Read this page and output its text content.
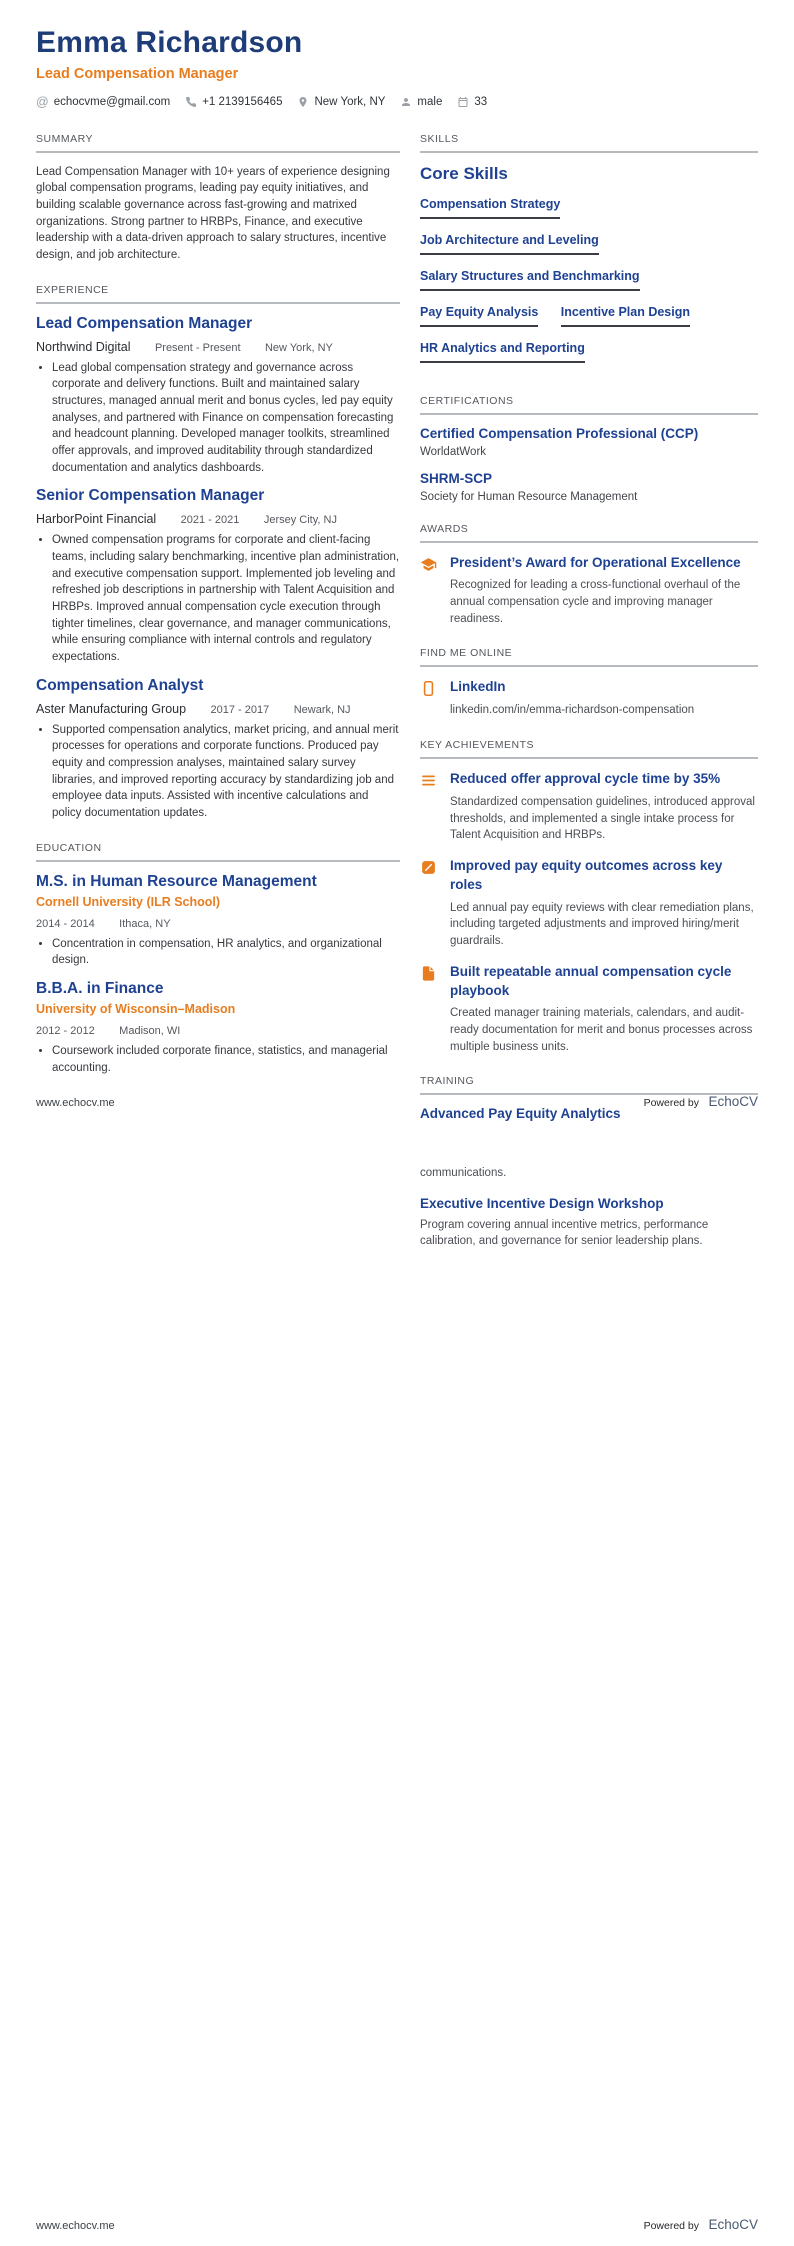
Emma Richardson
Lead Compensation Manager
@ echocvme@gmail.com	+1 2139156465	New York, NY	male	33
SUMMARY

Lead Compensation Manager with 10+ years of experience designing global compensation programs, leading pay equity initiatives, and building scalable governance across fast-growing and matrixed organizations. Strong partner to HRBPs, Finance, and executive leadership with a data-driven approach to salary structures, incentive design, and job architecture.

EXPERIENCE
Lead Compensation Manager
Northwind Digital Present - Present New York, NY
• Lead global compensation strategy and governance across corporate and delivery functions. Built and maintained salary structures, managed annual merit and bonus cycles, led pay equity analyses, and partnered with Finance on compensation forecasting and headcount planning. Developed manager toolkits, streamlined offer approvals, and improved auditability through standardized documentation and analytics dashboards.
Senior Compensation Manager
HarborPoint Financial 2021 - 2021 Jersey City, NJ
• Owned compensation programs for corporate and client-facing teams, including salary benchmarking, incentive plan administration, and executive compensation support. Implemented job leveling and refreshed job descriptions in partnership with Talent Acquisition and HRBPs. Improved annual compensation cycle execution through tighter timelines, clear governance, and manager communications, while ensuring compliance with internal controls and regulatory expectations.
Compensation Analyst
Aster Manufacturing Group 2017 - 2017 Newark, NJ
• Supported compensation analytics, market pricing, and annual merit processes for operations and corporate functions. Produced pay equity and compression analyses, maintained salary survey libraries, and improved reporting accuracy by standardizing job and employee data inputs. Assisted with incentive calculations and policy documentation updates.
EDUCATION
M.S. in Human Resource Management
Cornell University (ILR School)
2014 - 2014 Ithaca, NY
• Concentration in compensation, HR analytics, and organizational design.
B.B.A. in Finance
University of Wisconsin–Madison
2012 - 2012 Madison, WI
• Coursework included corporate finance, statistics, and managerial accounting.
SKILLS
Core Skills
Compensation Strategy Job Architecture and Leveling Salary Structures and Benchmarking Pay Equity Analysis Incentive Plan Design HR Analytics and Reporting
CERTIFICATIONS
Certified Compensation Professional (CCP)
WorldatWork
SHRM-SCP
Society for Human Resource Management
AWARDS
President’s Award for Operational Excellence
Recognized for leading a cross-functional overhaul of the annual compensation cycle and improving manager readiness.
FIND ME ONLINE
LinkedIn
linkedin.com/in/emma-richardson-compensation
KEY ACHIEVEMENTS
Reduced offer approval cycle time by 35%
Standardized compensation guidelines, introduced approval thresholds, and implemented a single intake process for Talent Acquisition and HRBPs.
Improved pay equity outcomes across key roles
Led annual pay equity reviews with clear remediation plans, including targeted adjustments and improved hiring/merit guardrails.
Built repeatable annual compensation cycle playbook
Created manager training materials, calendars, and audit-ready documentation for merit and bonus processes across multiple business units.
TRAINING
Advanced Pay Equity Analytics
www.echocv.me	Powered by EchoCV
communications.
Executive Incentive Design Workshop
Program covering annual incentive metrics, performance calibration, and governance for senior leadership plans.
www.echocv.me	Powered by EchoCV
